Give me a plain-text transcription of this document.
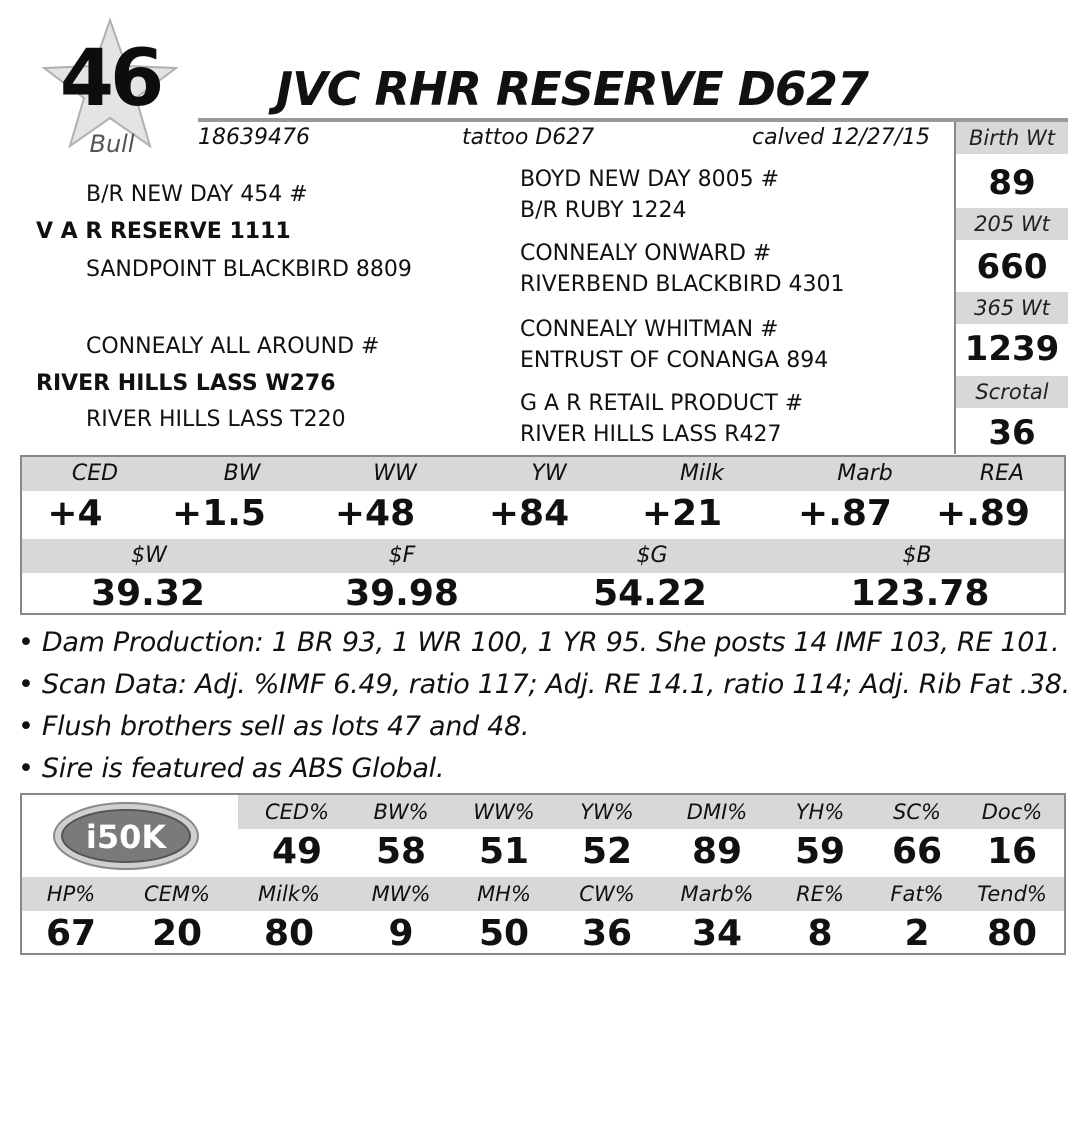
46
Bull
JVC RHR RESERVE D627
18639476	tattoo D627	calved 12/27/15
B/R NEW DAY 454 #
V A R RESERVE 1111
SANDPOINT BLACKBIRD 8809
CONNEALY ALL AROUND #
RIVER HILLS LASS W276
RIVER HILLS LASS T220
BOYD NEW DAY 8005 #
B/R RUBY 1224
CONNEALY ONWARD #
RIVERBEND BLACKBIRD 4301
CONNEALY WHITMAN #
ENTRUST OF CONANGA 894
G A R RETAIL PRODUCT #
RIVER HILLS LASS R427
Birth Wt
89
205 Wt
660
365 Wt
1239
Scrotal
36
CED	BW	WW	YW	Milk	Marb	REA
+4	+1.5	+48	+84	+21	+.87	+.89
$W	$F	$G	$B
39.32	39.98	54.22	123.78
• Dam Production: 1 BR 93, 1 WR 100, 1 YR 95. She posts 14 IMF 103, RE 101.
• Scan Data: Adj. %IMF 6.49, ratio 117; Adj. RE 14.1, ratio 114; Adj. Rib Fat .38.
• Flush brothers sell as lots 47 and 48.
• Sire is featured as ABS Global.
i50K
CED%	BW%	WW%	YW%	DMI%	YH%	SC%	Doc%
49	58	51	52	89	59	66	16
HP%	CEM%	Milk%	MW%	MH%	CW%	Marb%	RE%	Fat%	Tend%
67	20	80	9	50	36	34	8	2	80
